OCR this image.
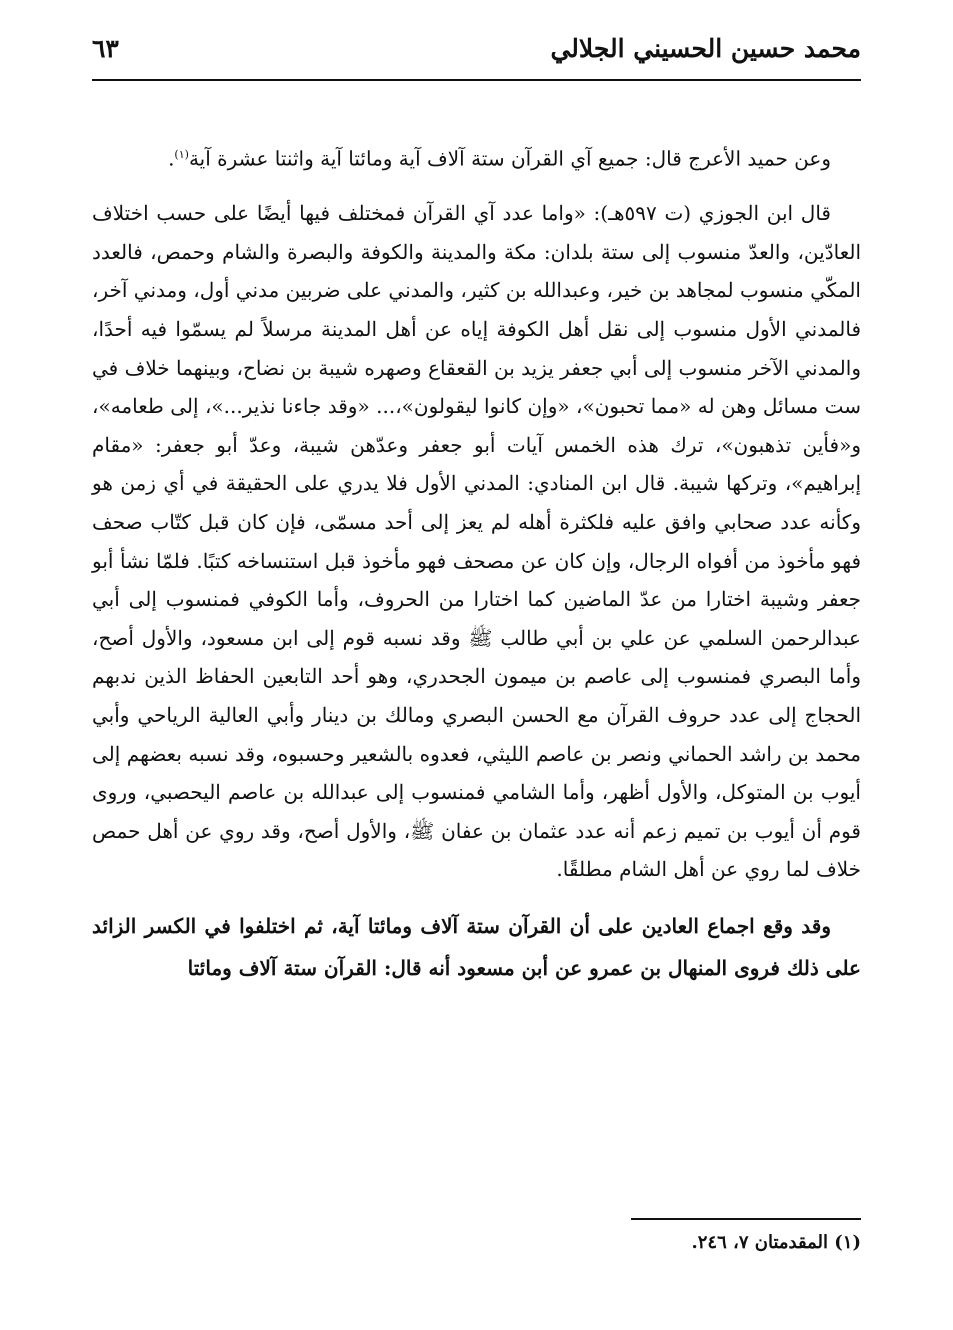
محمد حسين الحسيني الجلالي
٦٣

وعن حميد الأعرج قال: جميع آي القرآن ستة آلاف آية ومائتا آية واثنتا عشرة آية$^{(١)}$.

قال ابن الجوزي (ت ٥٩٧هـ): «واما عدد آي القرآن فمختلف فيها أيضًا على حسب اختلاف العادّين، والعدّ منسوب إلى ستة بلدان: مكة والمدينة والكوفة والبصرة والشام وحمص، فالعدد المكّي منسوب لمجاهد بن خير، وعبدالله بن كثير، والمدني على ضربين مدني أول، ومدني آخر، فالمدني الأول منسوب إلى نقل أهل الكوفة إياه عن أهل المدينة مرسلاً لم يسمّوا فيه أحدًا، والمدني الآخر منسوب إلى أبي جعفر يزيد بن القعقاع وصهره شيبة بن نضاح، وبينهما خلاف في ست مسائل وهن له «مما تحبون»، «وإن كانوا ليقولون»،... «وقد جاءنا نذير...»، إلى طعامه»، و«فأين تذهبون»، ترك هذه الخمس آيات أبو جعفر وعدّهن شيبة، وعدّ أبو جعفر: «مقام إبراهيم»، وتركها شيبة. قال ابن المنادي: المدني الأول فلا يدري على الحقيقة في أي زمن هو وكأنه عدد صحابي وافق عليه فلكثرة أهله لم يعز إلى أحد مسمّى، فإن كان قبل كتّاب صحف فهو مأخوذ من أفواه الرجال، وإن كان عن مصحف فهو مأخوذ قبل استنساخه كتبًا. فلمّا نشأ أبو جعفر وشيبة اختارا من عدّ الماضين كما اختارا من الحروف، وأما الكوفي فمنسوب إلى أبي عبدالرحمن السلمي عن علي بن أبي طالب ﷺ وقد نسبه قوم إلى ابن مسعود، والأول أصح، وأما البصري فمنسوب إلى عاصم بن ميمون الجحدري، وهو أحد التابعين الحفاظ الذين ندبهم الحجاج إلى عدد حروف القرآن مع الحسن البصري ومالك بن دينار وأبي العالية الرياحي وأبي محمد بن راشد الحماني ونصر بن عاصم الليثي، فعدوه بالشعير وحسبوه، وقد نسبه بعضهم إلى أيوب بن المتوكل، والأول أظهر، وأما الشامي فمنسوب إلى عبدالله بن عاصم اليحصبي، وروى قوم أن أيوب بن تميم زعم أنه عدد عثمان بن عفان ﷺ، والأول أصح، وقد روي عن أهل حمص خلاف لما روي عن أهل الشام مطلقًا.

وقد وقع اجماع العادين على أن القرآن ستة آلاف ومائتا آية، ثم اختلفوا في الكسر الزائد على ذلك فروى المنهال بن عمرو عن أبن مسعود أنه قال: القرآن ستة آلاف ومائتا

(١) المقدمتان ٧، ٢٤٦.
